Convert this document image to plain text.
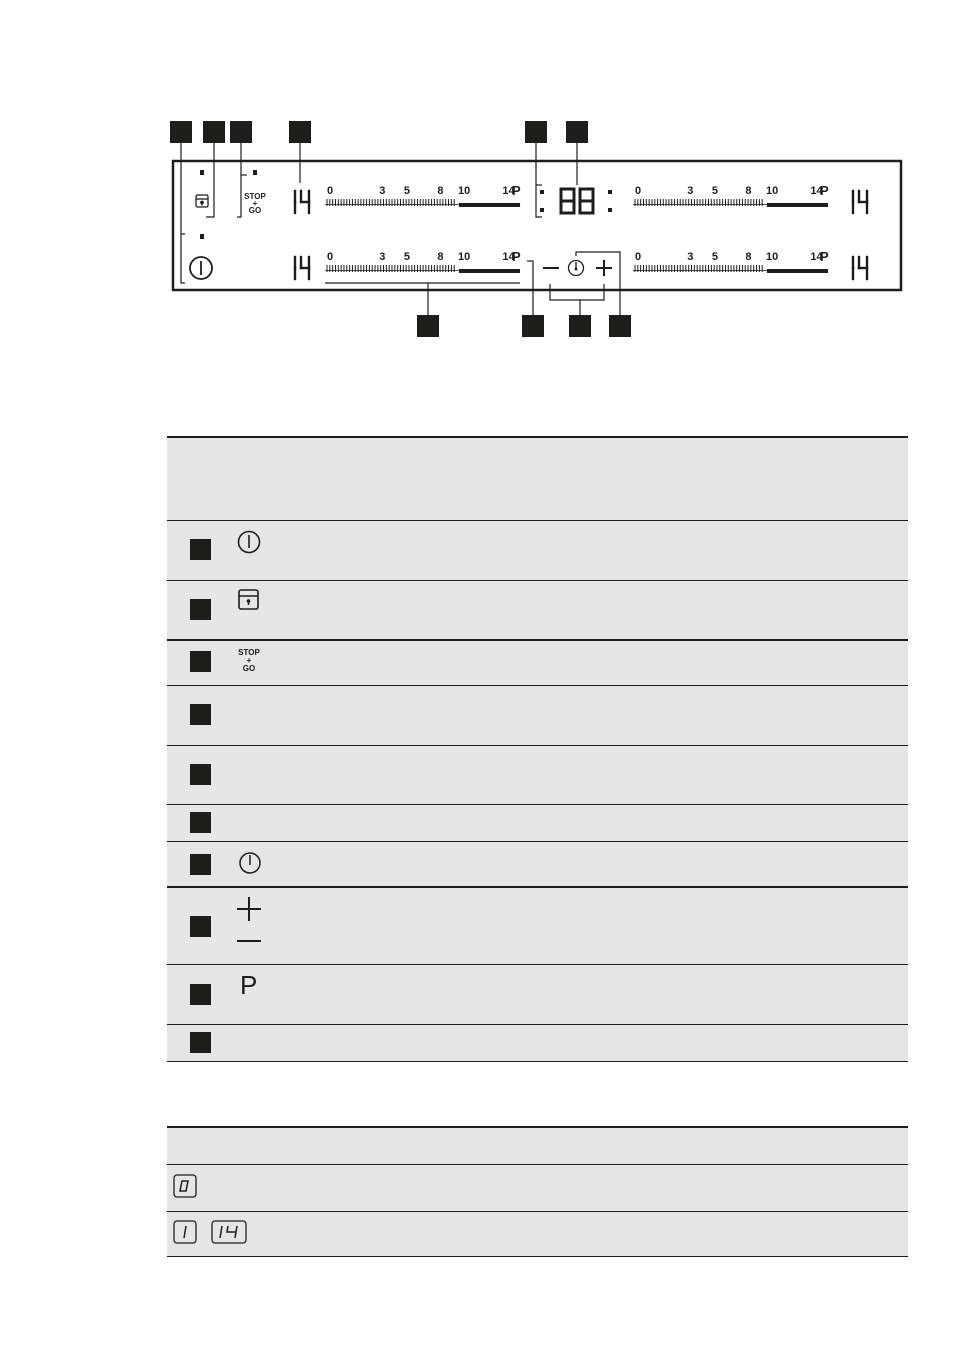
STOP
+
GO
0	3 5 8 10	14
P
0	3 5 8 10	14
P
0	3 5 8 10	14
P
0	3 5 8 10	14
P
STOP
+
GO
P
